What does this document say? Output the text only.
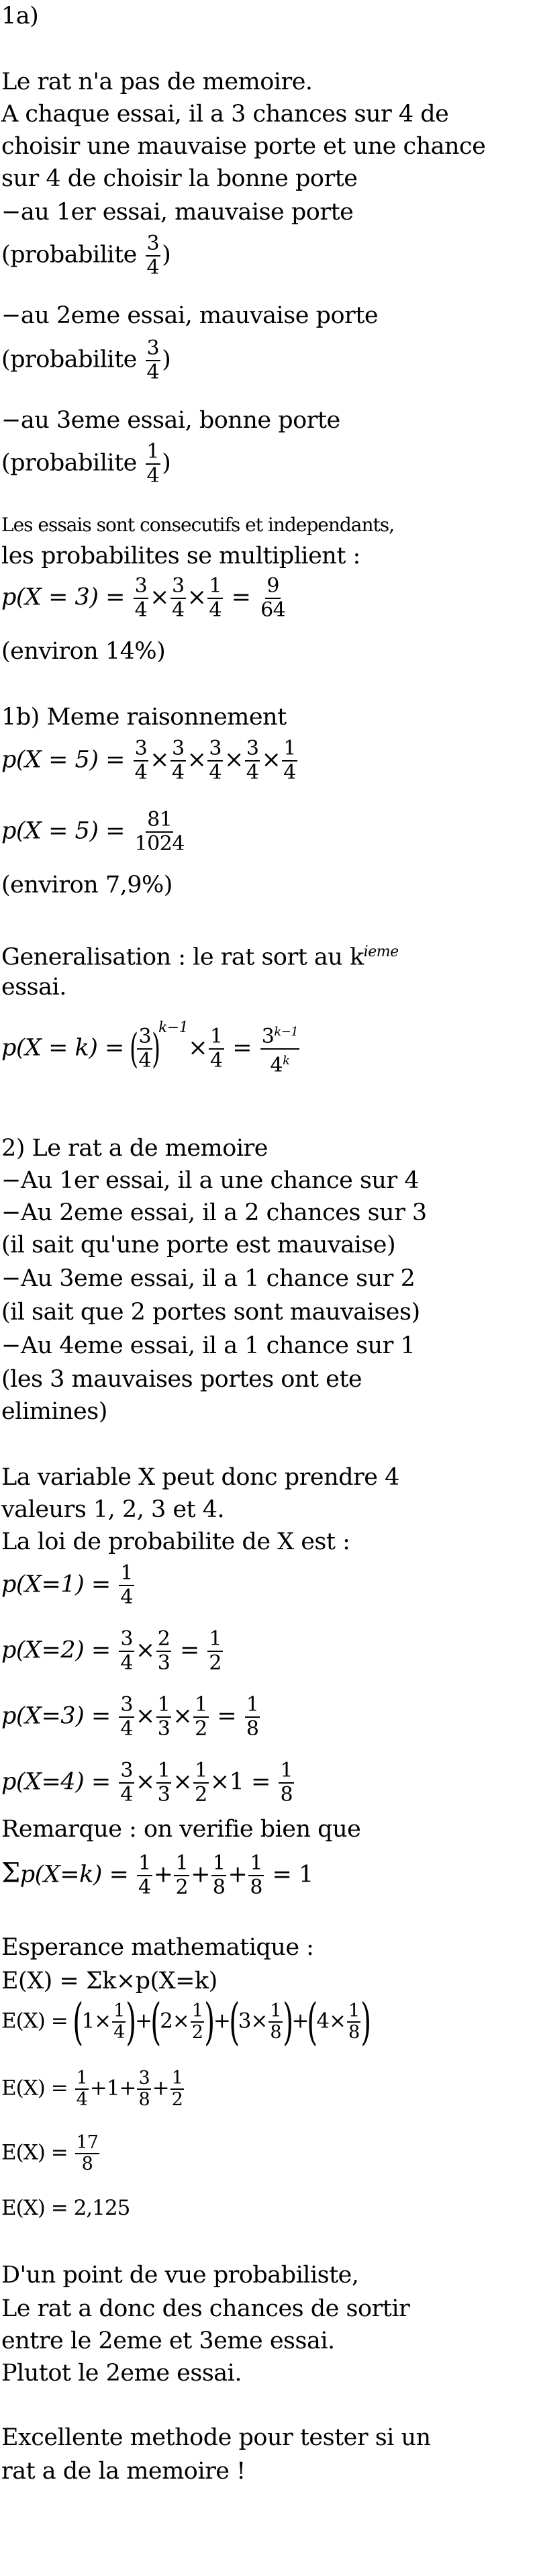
1a)
Le rat n'a pas de memoire.
A chaque essai, il a 3 chances sur 4 de
choisir une mauvaise porte et une chance
sur 4 de choisir la bonne porte
−au 1er essai, mauvaise porte
(probabilite $\frac{3}{4}$ )
−au 2eme essai, mauvaise porte
(probabilite $\frac{3}{4}$ )
−au 3eme essai, bonne porte
(probabilite $\frac{1}{4}$ )
Les essais sont consecutifs et independants,
les probabilites se multiplient :
$p(X = 3) = \frac{3}{4} \times \frac{3}{4} \times \frac{1}{4} = \frac{9}{64}$
(environ 14%)
1b) Meme raisonnement
$p(X = 5) = \frac{3}{4} \times \frac{3}{4} \times \frac{3}{4} \times \frac{3}{4} \times \frac{1}{4}$
$p(X = 5) = \frac{81}{1024}$
(environ 7,9%)
Generalisation : le rat sort au $k^{ieme}$
essai.
p(X = k) = ( $\frac{3}{4} )^{k-1}\times \frac{1}{4} = \frac{3^{k-1}}{4^k}$
2) Le rat a de memoire
−Au 1er essai, il a une chance sur 4
−Au 2eme essai, il a 2 chances sur 3
(il sait qu'une porte est mauvaise)
−Au 3eme essai, il a 1 chance sur 2
(il sait que 2 portes sont mauvaises)
−Au 4eme essai, il a 1 chance sur 1
(les 3 mauvaises portes ont ete
elimines)
La variable X peut donc prendre 4
valeurs 1, 2, 3 et 4.
La loi de probabilite de X est :
$p(X=1) = \frac{1}{4}$
$p(X=2) = \frac{3}{4} \times \frac{2}{3} = \frac{1}{2}$
$p(X=3) = \frac{3}{4} \times \frac{1}{3} \times \frac{1}{2} = \frac{1}{8}$
$p(X=4) = \frac{3}{4} \times \frac{1}{3} \times \frac{1}{2} \times 1 = \frac{1}{8}$
Remarque : on verifie bien que
$\Sigma p(X=k) = \frac{1}{4} + \frac{1}{2} + \frac{1}{8} + \frac{1}{8} = 1$
Esperance mathematique :
E(X) = Σk×p(X=k)
$E(X) = (1\times \frac{1}{4} )+(2\times \frac{1}{2} )+(3\times \frac{1}{8} )+(4\times \frac{1}{8}$ )
$E(X) = \frac{1}{4} +1+ \frac{3}{8} + \frac{1}{2}$
$E(X) = \frac{17}{8}$
E(X) = 2,125
D'un point de vue probabiliste,
Le rat a donc des chances de sortir
entre le 2eme et 3eme essai.
Plutot le 2eme essai.
Excellente methode pour tester si un
rat a de la memoire !
